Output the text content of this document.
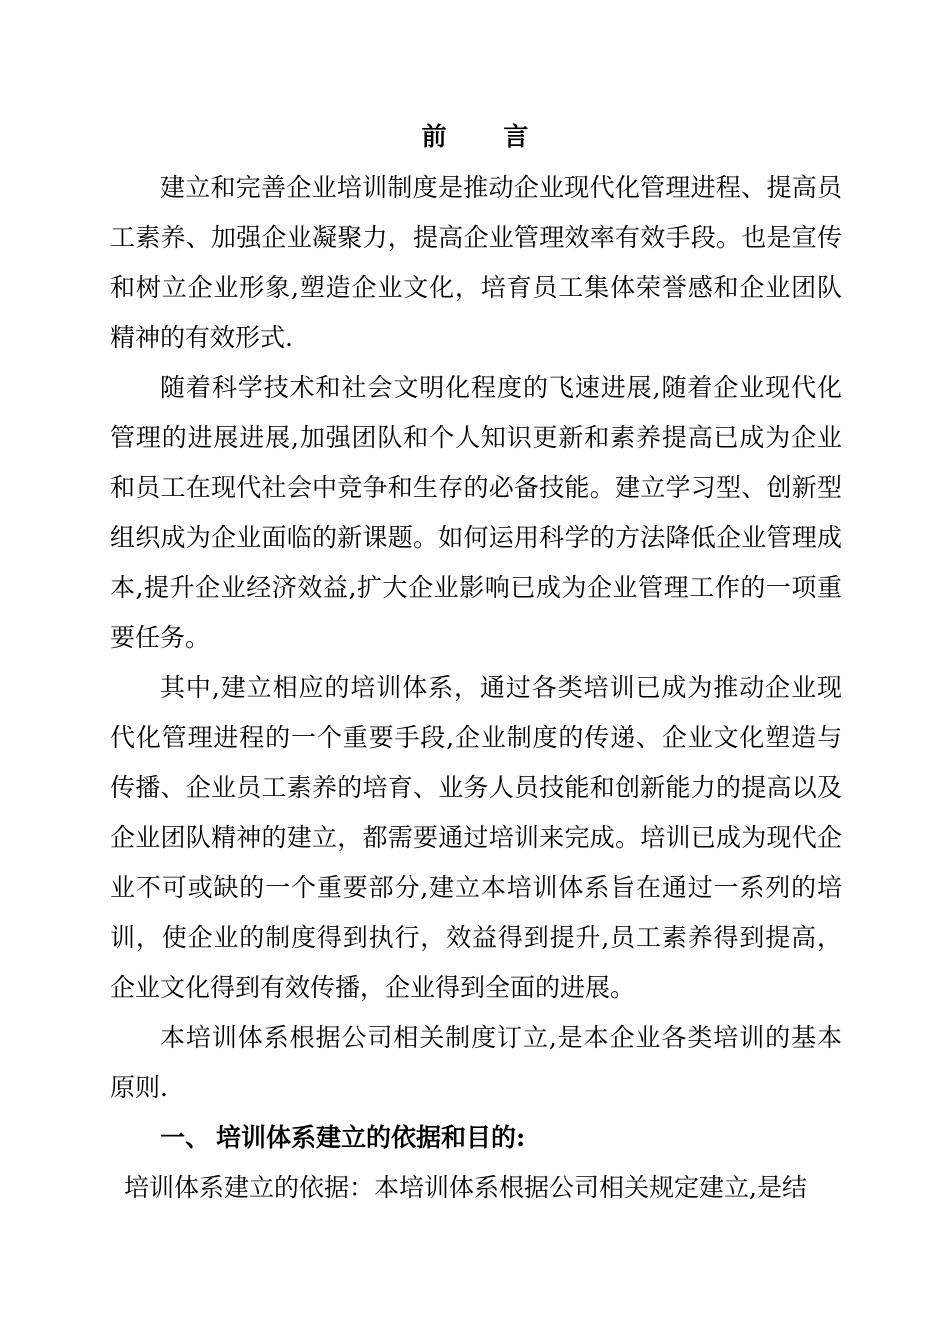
前 言

建立和完善企业培训制度是推动企业现代化管理进程、提高员工素养、加强企业凝聚力，提高企业管理效率有效手段。也是宣传和树立企业形象,塑造企业文化，培育员工集体荣誉感和企业团队精神的有效形式.

随着科学技术和社会文明化程度的飞速进展,随着企业现代化管理的进展进展,加强团队和个人知识更新和素养提高已成为企业和员工在现代社会中竞争和生存的必备技能。建立学习型、创新型组织成为企业面临的新课题。如何运用科学的方法降低企业管理成本,提升企业经济效益,扩大企业影响已成为企业管理工作的一项重要任务。

其中,建立相应的培训体系，通过各类培训已成为推动企业现代化管理进程的一个重要手段,企业制度的传递、企业文化塑造与传播、企业员工素养的培育、业务人员技能和创新能力的提高以及企业团队精神的建立，都需要通过培训来完成。培训已成为现代企业不可或缺的一个重要部分,建立本培训体系旨在通过一系列的培训，使企业的制度得到执行，效益得到提升,员工素养得到提高，企业文化得到有效传播，企业得到全面的进展。

本培训体系根据公司相关制度订立,是本企业各类培训的基本原则.

一、 培训体系建立的依据和目的:

培训体系建立的依据：本培训体系根据公司相关规定建立,是结
